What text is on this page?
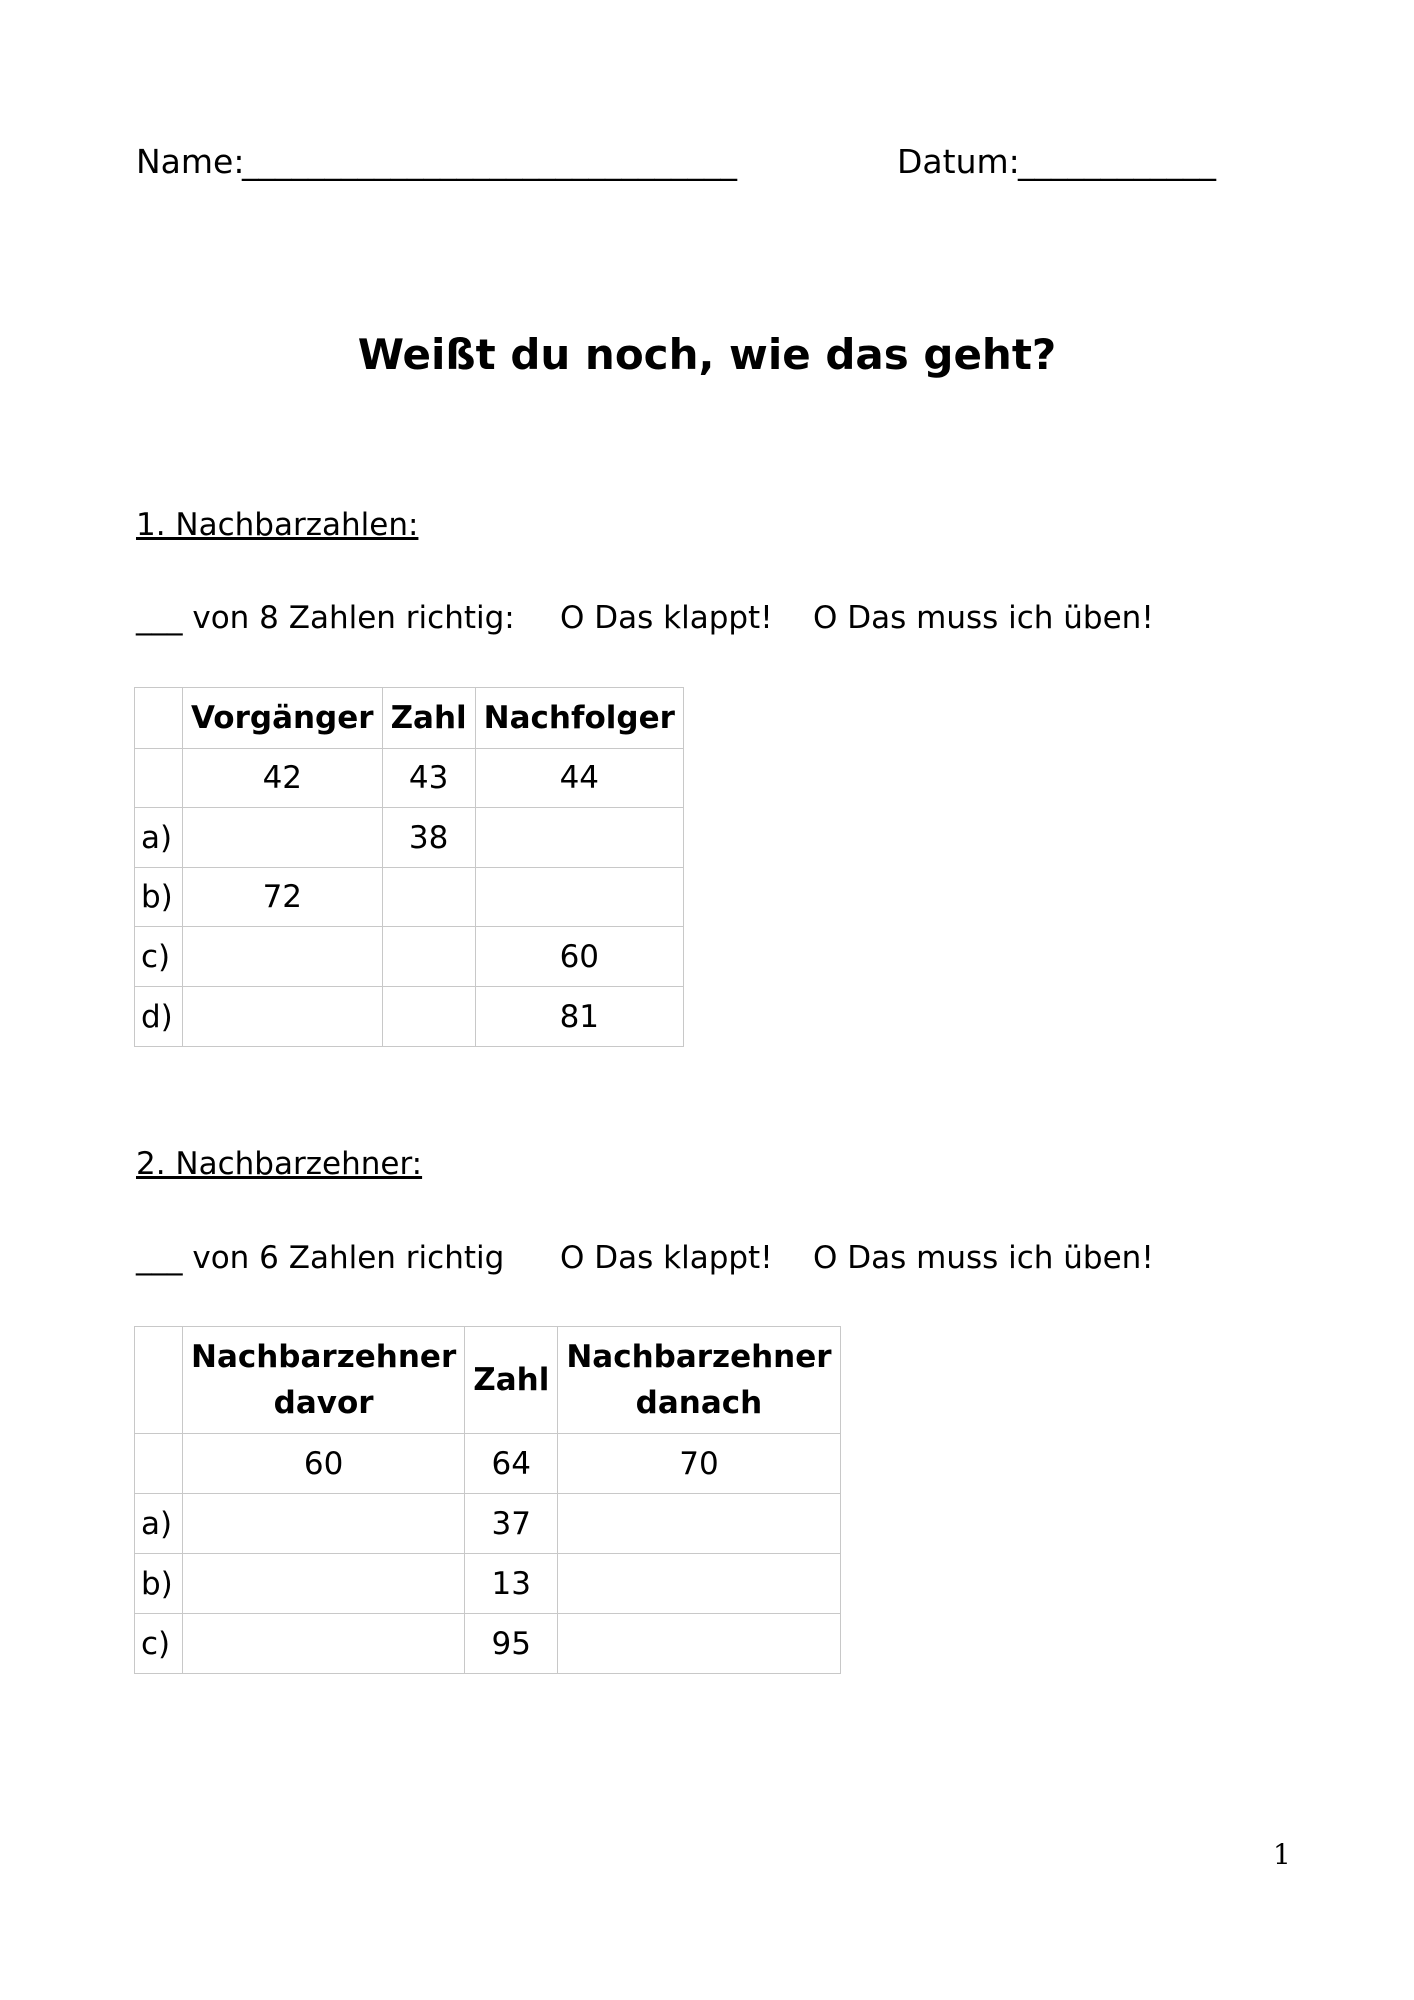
Name:
______________________________	Datum:
____________
Weißt du noch, wie das geht?
1. Nachbarzahlen:
___ von 8 Zahlen richtig: O Das klappt! O Das muss ich üben!
	Vorgänger	Zahl	Nachfolger
	42	43	44
a)		38	
b)	72		
c)			60
d)			81
2. Nachbarzehner:
___ von 6 Zahlen richtig O Das klappt! O Das muss ich üben!
	Nachbarzehner davor	Zahl	Nachbarzehner danach
	60	64	70
a)		37	
b)		13	
c)		95	
1
